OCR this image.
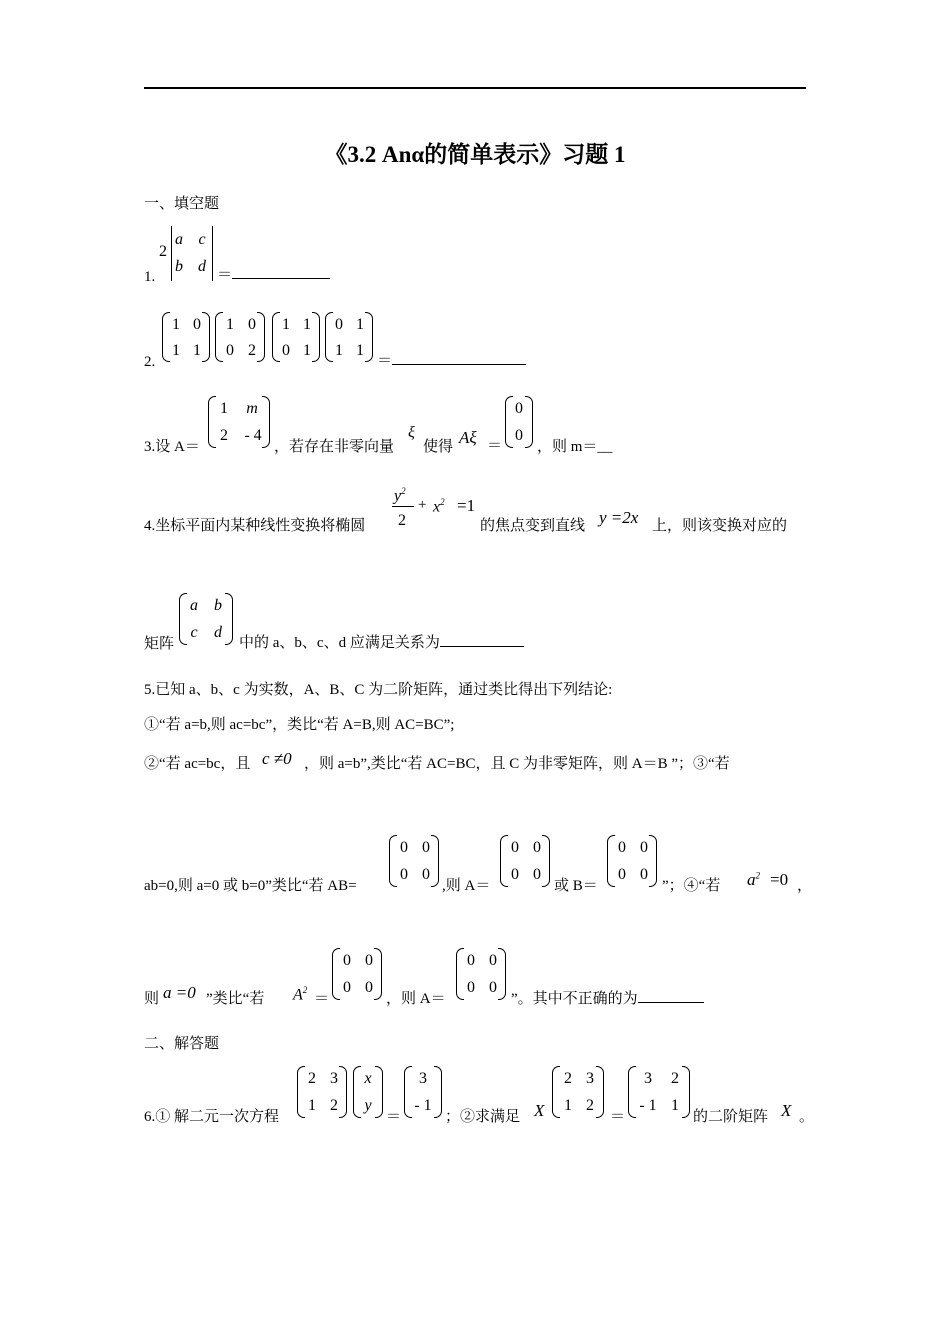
《3.2 Anα的简单表示》习题 1
一、填空题
1.
2
a c
b d ＝
2.
1 0
1 1
1 0
0 2
1 1
0 1
0 1
1 1
＝
3.设 A＝
1	m
2	- 4
，若存在非零向量
ξ
使得 Aξ ＝
0
0
，则 m＝__
4.坐标平面内某种线性变换将椭圆
$y^2$
2
+ $x^2 =1$
的焦点变到直线 y =2x 上，则该变换对应的
矩阵
a	b
c	d
中的 a、b、c、d 应满足关系为
5.已知 a、b、c 为实数，A、B、C 为二阶矩阵，通过类比得出下列结论:
①“若 a=b,则 ac=bc”，类比“若 A=B,则 AC=BC”;
②“若 ac=bc，且 c ≠0 ，则 a=b”,类比“若 AC=BC，且 C 为非零矩阵，则 A＝B ”；③“若
ab=0,则 a=0 或 b=0”类比“若 AB=
0 0
0 0
,则 A＝
0 0
0 0
或 B＝
0 0
0 0
”；④“若 $a^2 =0$ ，
则 a =0 ”类比“若 $A^2$
＝
0 0
0 0
，则 A＝
0 0
0 0
”。其中不正确的为
二、解答题
6.① 解二元一次方程
2 3
1 2
x
y
＝
3
- 1
；②求满足 X
2 3
1 2
＝
3	2
- 1 1
的二阶矩阵 X 。
